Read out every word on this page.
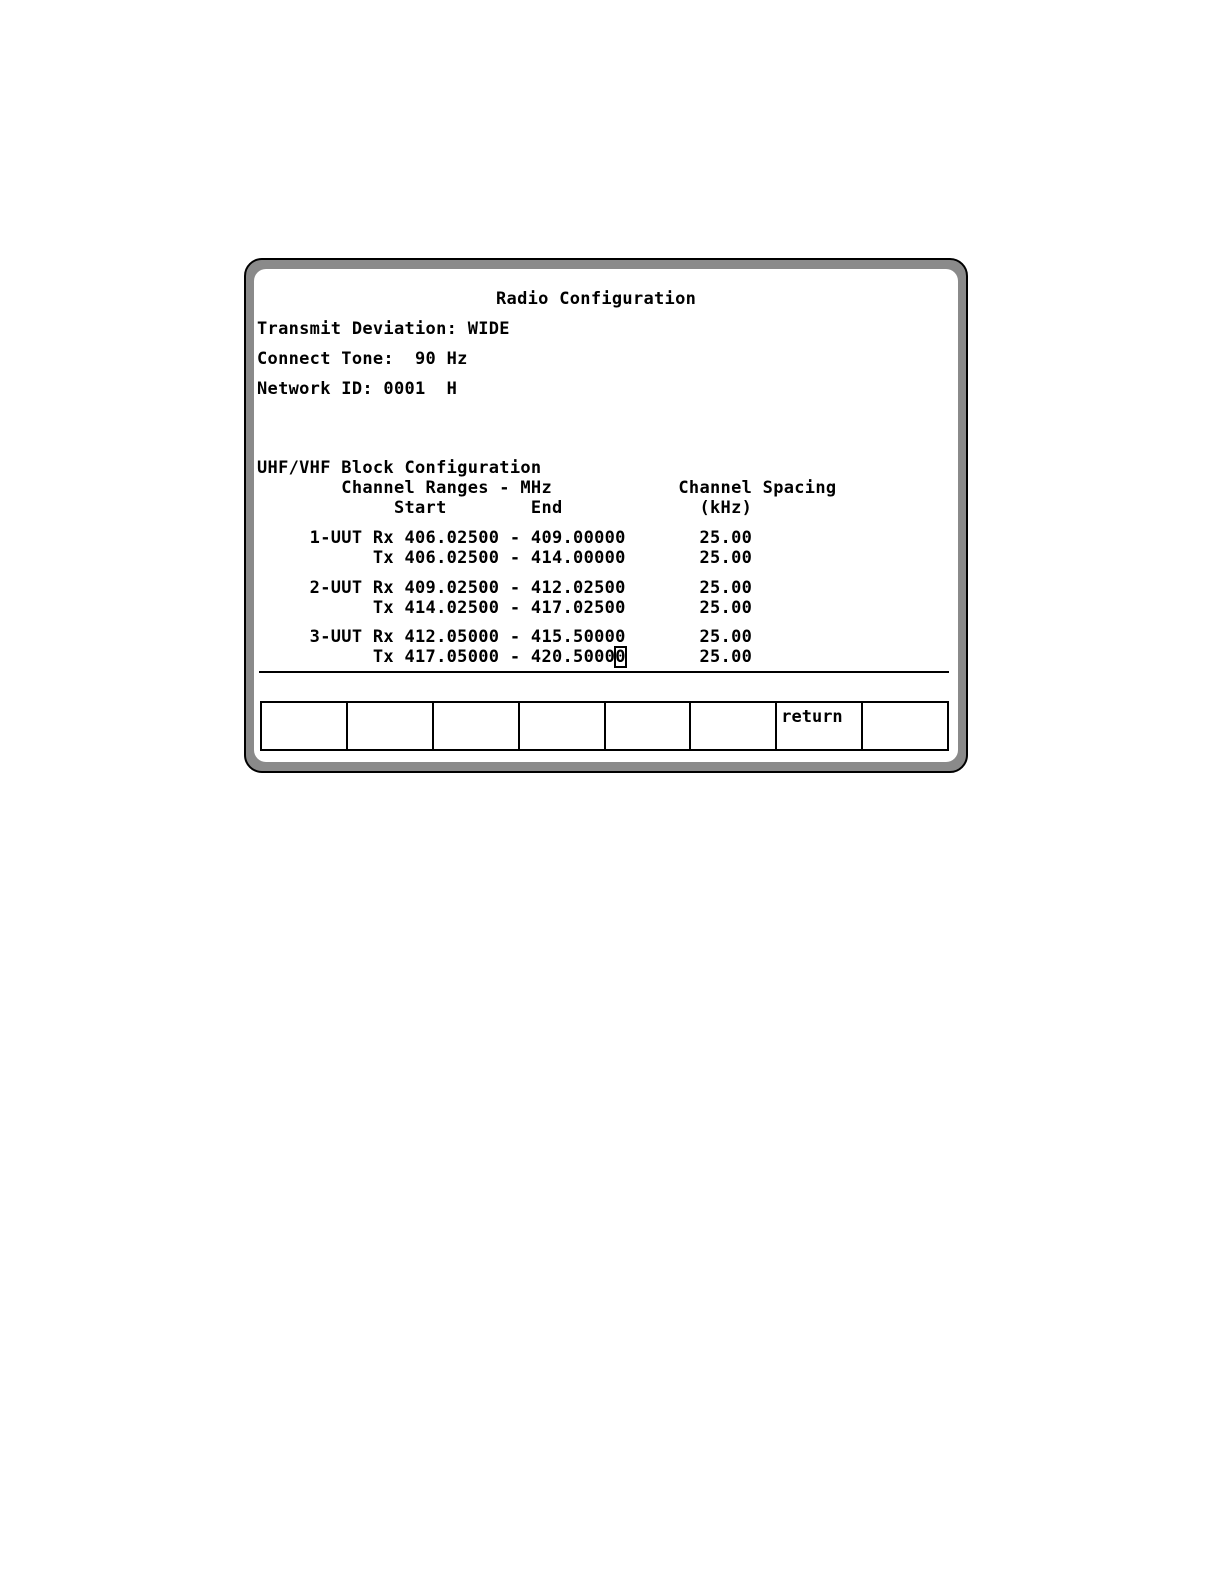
Radio Configuration

Transmit Deviation: WIDE

Connect Tone:  90 Hz

Network ID: 0001  H

UHF/VHF Block Configuration

Channel Ranges - MHz            Channel Spacing

Start        End             (kHz)

1-UUT Rx 406.02500 - 409.00000       25.00

Tx 406.02500 - 414.00000       25.00

2-UUT Rx 409.02500 - 412.02500       25.00

Tx 414.02500 - 417.02500       25.00

3-UUT Rx 412.05000 - 415.50000       25.00

Tx 417.05000 - 420.50000       25.00

return
